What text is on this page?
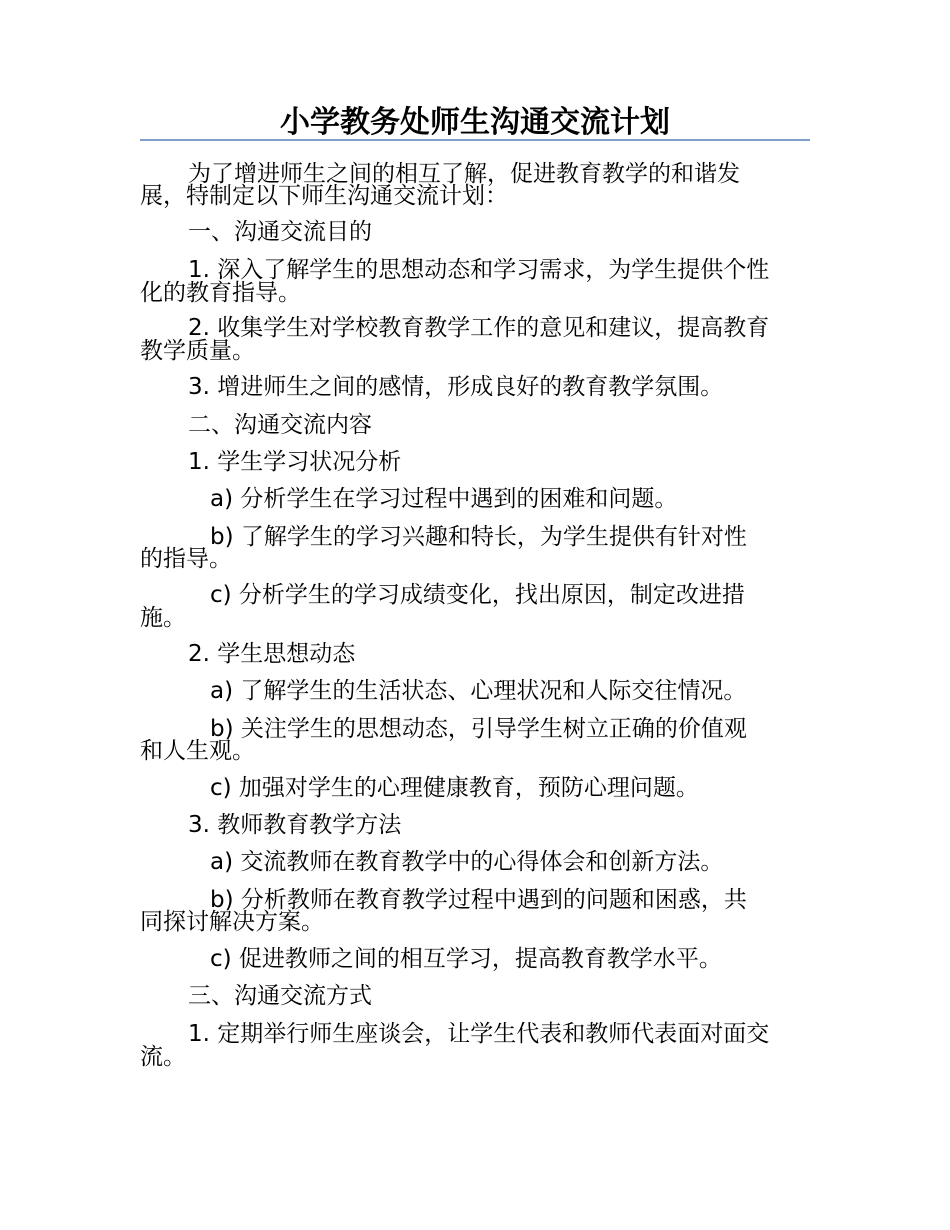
小学教务处师生沟通交流计划

为了增进师生之间的相互了解，促进教育教学的和谐发

展，特制定以下师生沟通交流计划：

一、沟通交流目的

1. 深入了解学生的思想动态和学习需求，为学生提供个性

化的教育指导。

2. 收集学生对学校教育教学工作的意见和建议，提高教育

教学质量。

3. 增进师生之间的感情，形成良好的教育教学氛围。

二、沟通交流内容

1. 学生学习状况分析

a) 分析学生在学习过程中遇到的困难和问题。

b) 了解学生的学习兴趣和特长，为学生提供有针对性

的指导。

c) 分析学生的学习成绩变化，找出原因，制定改进措

施。

2. 学生思想动态

a) 了解学生的生活状态、心理状况和人际交往情况。

b) 关注学生的思想动态，引导学生树立正确的价值观

和人生观。

c) 加强对学生的心理健康教育，预防心理问题。

3. 教师教育教学方法

a) 交流教师在教育教学中的心得体会和创新方法。

b) 分析教师在教育教学过程中遇到的问题和困惑，共

同探讨解决方案。

c) 促进教师之间的相互学习，提高教育教学水平。

三、沟通交流方式

1. 定期举行师生座谈会，让学生代表和教师代表面对面交

流。
